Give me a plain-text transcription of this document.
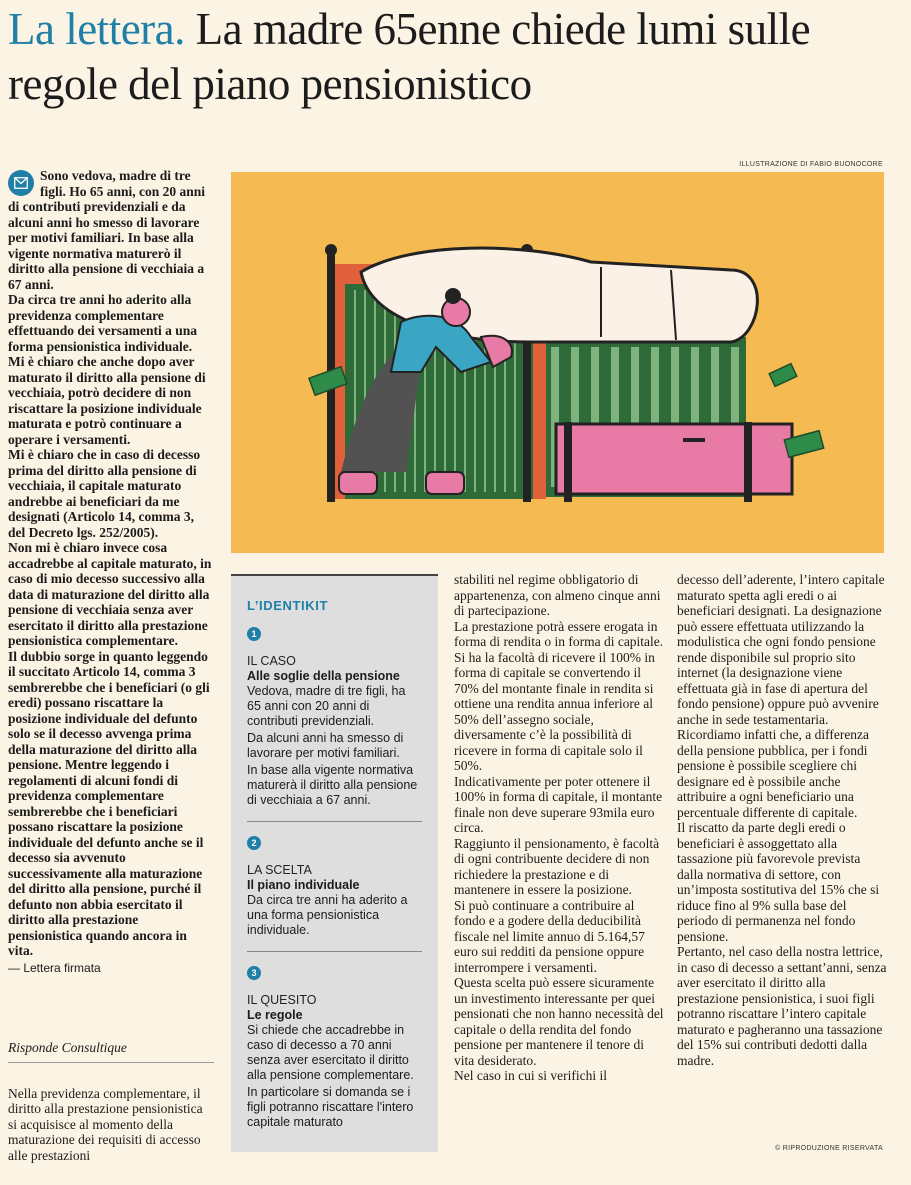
La lettera. La madre 65enne chiede lumi sulle regole del piano pensionistico
ILLUSTRAZIONE DI FABIO BUONOCORE

Sono vedova, madre di tre figli. Ho 65 anni, con 20 anni di contributi previdenziali e da alcuni anni ho smesso di lavorare per motivi familiari. In base alla vigente normativa maturerò il diritto alla pensione di vecchiaia a 67 anni.

Da circa tre anni ho aderito alla previdenza complementare effettuando dei versamenti a una forma pensionistica individuale.

Mi è chiaro che anche dopo aver maturato il diritto alla pensione di vecchiaia, potrò decidere di non riscattare la posizione individuale maturata e potrò continuare a operare i versamenti.

Mi è chiaro che in caso di decesso prima del diritto alla pensione di vecchiaia, il capitale maturato andrebbe ai beneficiari da me designati (Articolo 14, comma 3, del Decreto lgs. 252/2005).

Non mi è chiaro invece cosa accadrebbe al capitale maturato, in caso di mio decesso successivo alla data di maturazione del diritto alla pensione di vecchiaia senza aver esercitato il diritto alla prestazione pensionistica complementare.

Il dubbio sorge in quanto leggendo il succitato Articolo 14, comma 3 sembrerebbe che i beneficiari (o gli eredi) possano riscattare la posizione individuale del defunto solo se il decesso avvenga prima della maturazione del diritto alla pensione. Mentre leggendo i regolamenti di alcuni fondi di previdenza complementare sembrerebbe che i beneficiari possano riscattare la posizione individuale del defunto anche se il decesso sia avvenuto successivamente alla maturazione del diritto alla pensione, purché il defunto non abbia esercitato il diritto alla prestazione pensionistica quando ancora in vita.

— Lettera firmata

Risponde Consultique

Nella previdenza complementare, il diritto alla prestazione pensionistica si acquisisce al momento della maturazione dei requisiti di accesso alle prestazioni

L’IDENTIKIT
1
IL CASO
Alle soglie della pensione

Vedova, madre di tre figli, ha 65 anni con 20 anni di contributi previdenziali.

Da alcuni anni ha smesso di lavorare per motivi familiari.

In base alla vigente normativa maturerà il diritto alla pensione di vecchiaia a 67 anni.

2
LA SCELTA
Il piano individuale

Da circa tre anni ha aderito a una forma pensionistica individuale.

3
IL QUESITO
Le regole

Si chiede che accadrebbe in caso di decesso a 70 anni senza aver esercitato il diritto alla pensione complementare.

In particolare si domanda se i figli potranno riscattare l'intero capitale maturato

stabiliti nel regime obbligatorio di appartenenza, con almeno cinque anni di partecipazione.

La prestazione potrà essere erogata in forma di rendita o in forma di capitale.

Si ha la facoltà di ricevere il 100% in forma di capitale se convertendo il 70% del montante finale in rendita si ottiene una rendita annua inferiore al 50% dell’assegno sociale, diversamente c’è la possibilità di ricevere in forma di capitale solo il 50%.

Indicativamente per poter ottenere il 100% in forma di capitale, il montante finale non deve superare 93mila euro circa.

Raggiunto il pensionamento, è facoltà di ogni contribuente decidere di non richiedere la prestazione e di mantenere in essere la posizione.

Si può continuare a contribuire al fondo e a godere della deducibilità fiscale nel limite annuo di 5.164,57 euro sui redditi da pensione oppure interrompere i versamenti.

Questa scelta può essere sicuramente un investimento interessante per quei pensionati che non hanno necessità del capitale o della rendita del fondo pensione per mantenere il tenore di vita desiderato.

Nel caso in cui si verifichi il

decesso dell’aderente, l’intero capitale maturato spetta agli eredi o ai beneficiari designati. La designazione può essere effettuata utilizzando la modulistica che ogni fondo pensione rende disponibile sul proprio sito internet (la designazione viene effettuata già in fase di apertura del fondo pensione) oppure può avvenire anche in sede testamentaria.

Ricordiamo infatti che, a differenza della pensione pubblica, per i fondi pensione è possibile scegliere chi designare ed è possibile anche attribuire a ogni beneficiario una percentuale differente di capitale.

Il riscatto da parte degli eredi o beneficiari è assoggettato alla tassazione più favorevole prevista dalla normativa di settore, con un’imposta sostitutiva del 15% che si riduce fino al 9% sulla base del periodo di permanenza nel fondo pensione.

Pertanto, nel caso della nostra lettrice, in caso di decesso a settant’anni, senza aver esercitato il diritto alla prestazione pensionistica, i suoi figli potranno riscattare l’intero capitale maturato e pagheranno una tassazione del 15% sui contributi dedotti dalla madre.

© RIPRODUZIONE RISERVATA
